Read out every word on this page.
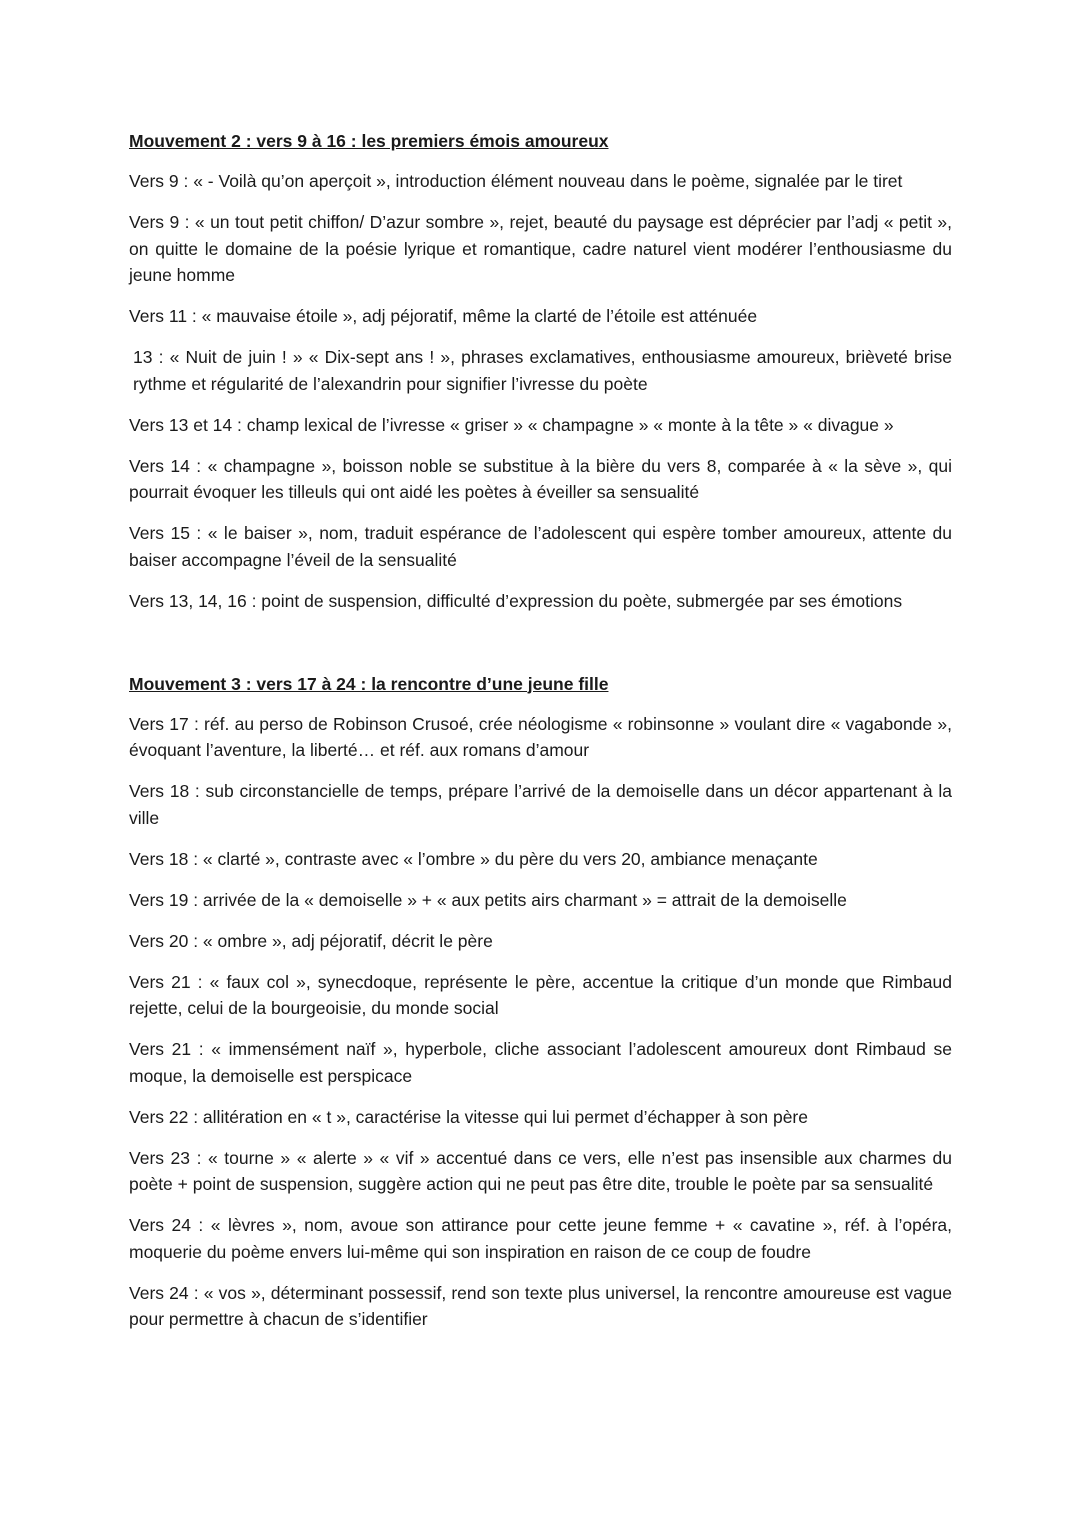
Mouvement 2 : vers 9 à 16 : les premiers émois amoureux

Vers 9 : « - Voilà qu’on aperçoit », introduction élément nouveau dans le poème, signalée par le tiret

Vers 9 : « un tout petit chiffon/ D’azur sombre », rejet, beauté du paysage est déprécier par l’adj « petit », on quitte le domaine de la poésie lyrique et romantique, cadre naturel vient modérer l’enthousiasme du jeune homme

Vers 11 : « mauvaise étoile », adj péjoratif, même la clarté de l’étoile est atténuée

13 : « Nuit de juin ! » « Dix-sept ans ! », phrases exclamatives, enthousiasme amoureux, brièveté brise rythme et régularité de l’alexandrin pour signifier l’ivresse du poète

Vers 13 et 14 : champ lexical de l’ivresse « griser » « champagne » « monte à la tête » « divague »

Vers 14 : « champagne », boisson noble se substitue à la bière du vers 8, comparée à « la sève », qui pourrait évoquer les tilleuls qui ont aidé les poètes à éveiller sa sensualité

Vers 15 : « le baiser », nom, traduit espérance de l’adolescent qui espère tomber amoureux, attente du baiser accompagne l’éveil de la sensualité

Vers 13, 14, 16 : point de suspension, difficulté d’expression du poète, submergée par ses émotions

Mouvement 3 : vers 17 à 24 : la rencontre d’une jeune fille

Vers 17 : réf. au perso de Robinson Crusoé, crée néologisme « robinsonne » voulant dire « vagabonde », évoquant l’aventure, la liberté… et réf. aux romans d’amour

Vers 18 : sub circonstancielle de temps, prépare l’arrivé de la demoiselle dans un décor appartenant à la ville

Vers 18 : « clarté », contraste avec « l’ombre » du père du vers 20, ambiance menaçante

Vers 19 : arrivée de la « demoiselle » + « aux petits airs charmant » = attrait de la demoiselle

Vers 20 : « ombre », adj péjoratif, décrit le père

Vers 21 : « faux col », synecdoque, représente le père, accentue la critique d’un monde que Rimbaud rejette, celui de la bourgeoisie, du monde social

Vers 21 : « immensément naïf », hyperbole, cliche associant l’adolescent amoureux dont Rimbaud se moque, la demoiselle est perspicace

Vers 22 : allitération en « t », caractérise la vitesse qui lui permet d’échapper à son père

Vers 23 : « tourne » « alerte » « vif » accentué dans ce vers, elle n’est pas insensible aux charmes du poète + point de suspension, suggère action qui ne peut pas être dite, trouble le poète par sa sensualité

Vers 24 : « lèvres », nom, avoue son attirance pour cette jeune femme + « cavatine », réf. à l’opéra, moquerie du poème envers lui-même qui son inspiration en raison de ce coup de foudre

Vers 24 : « vos », déterminant possessif, rend son texte plus universel, la rencontre amoureuse est vague pour permettre à chacun de s’identifier
